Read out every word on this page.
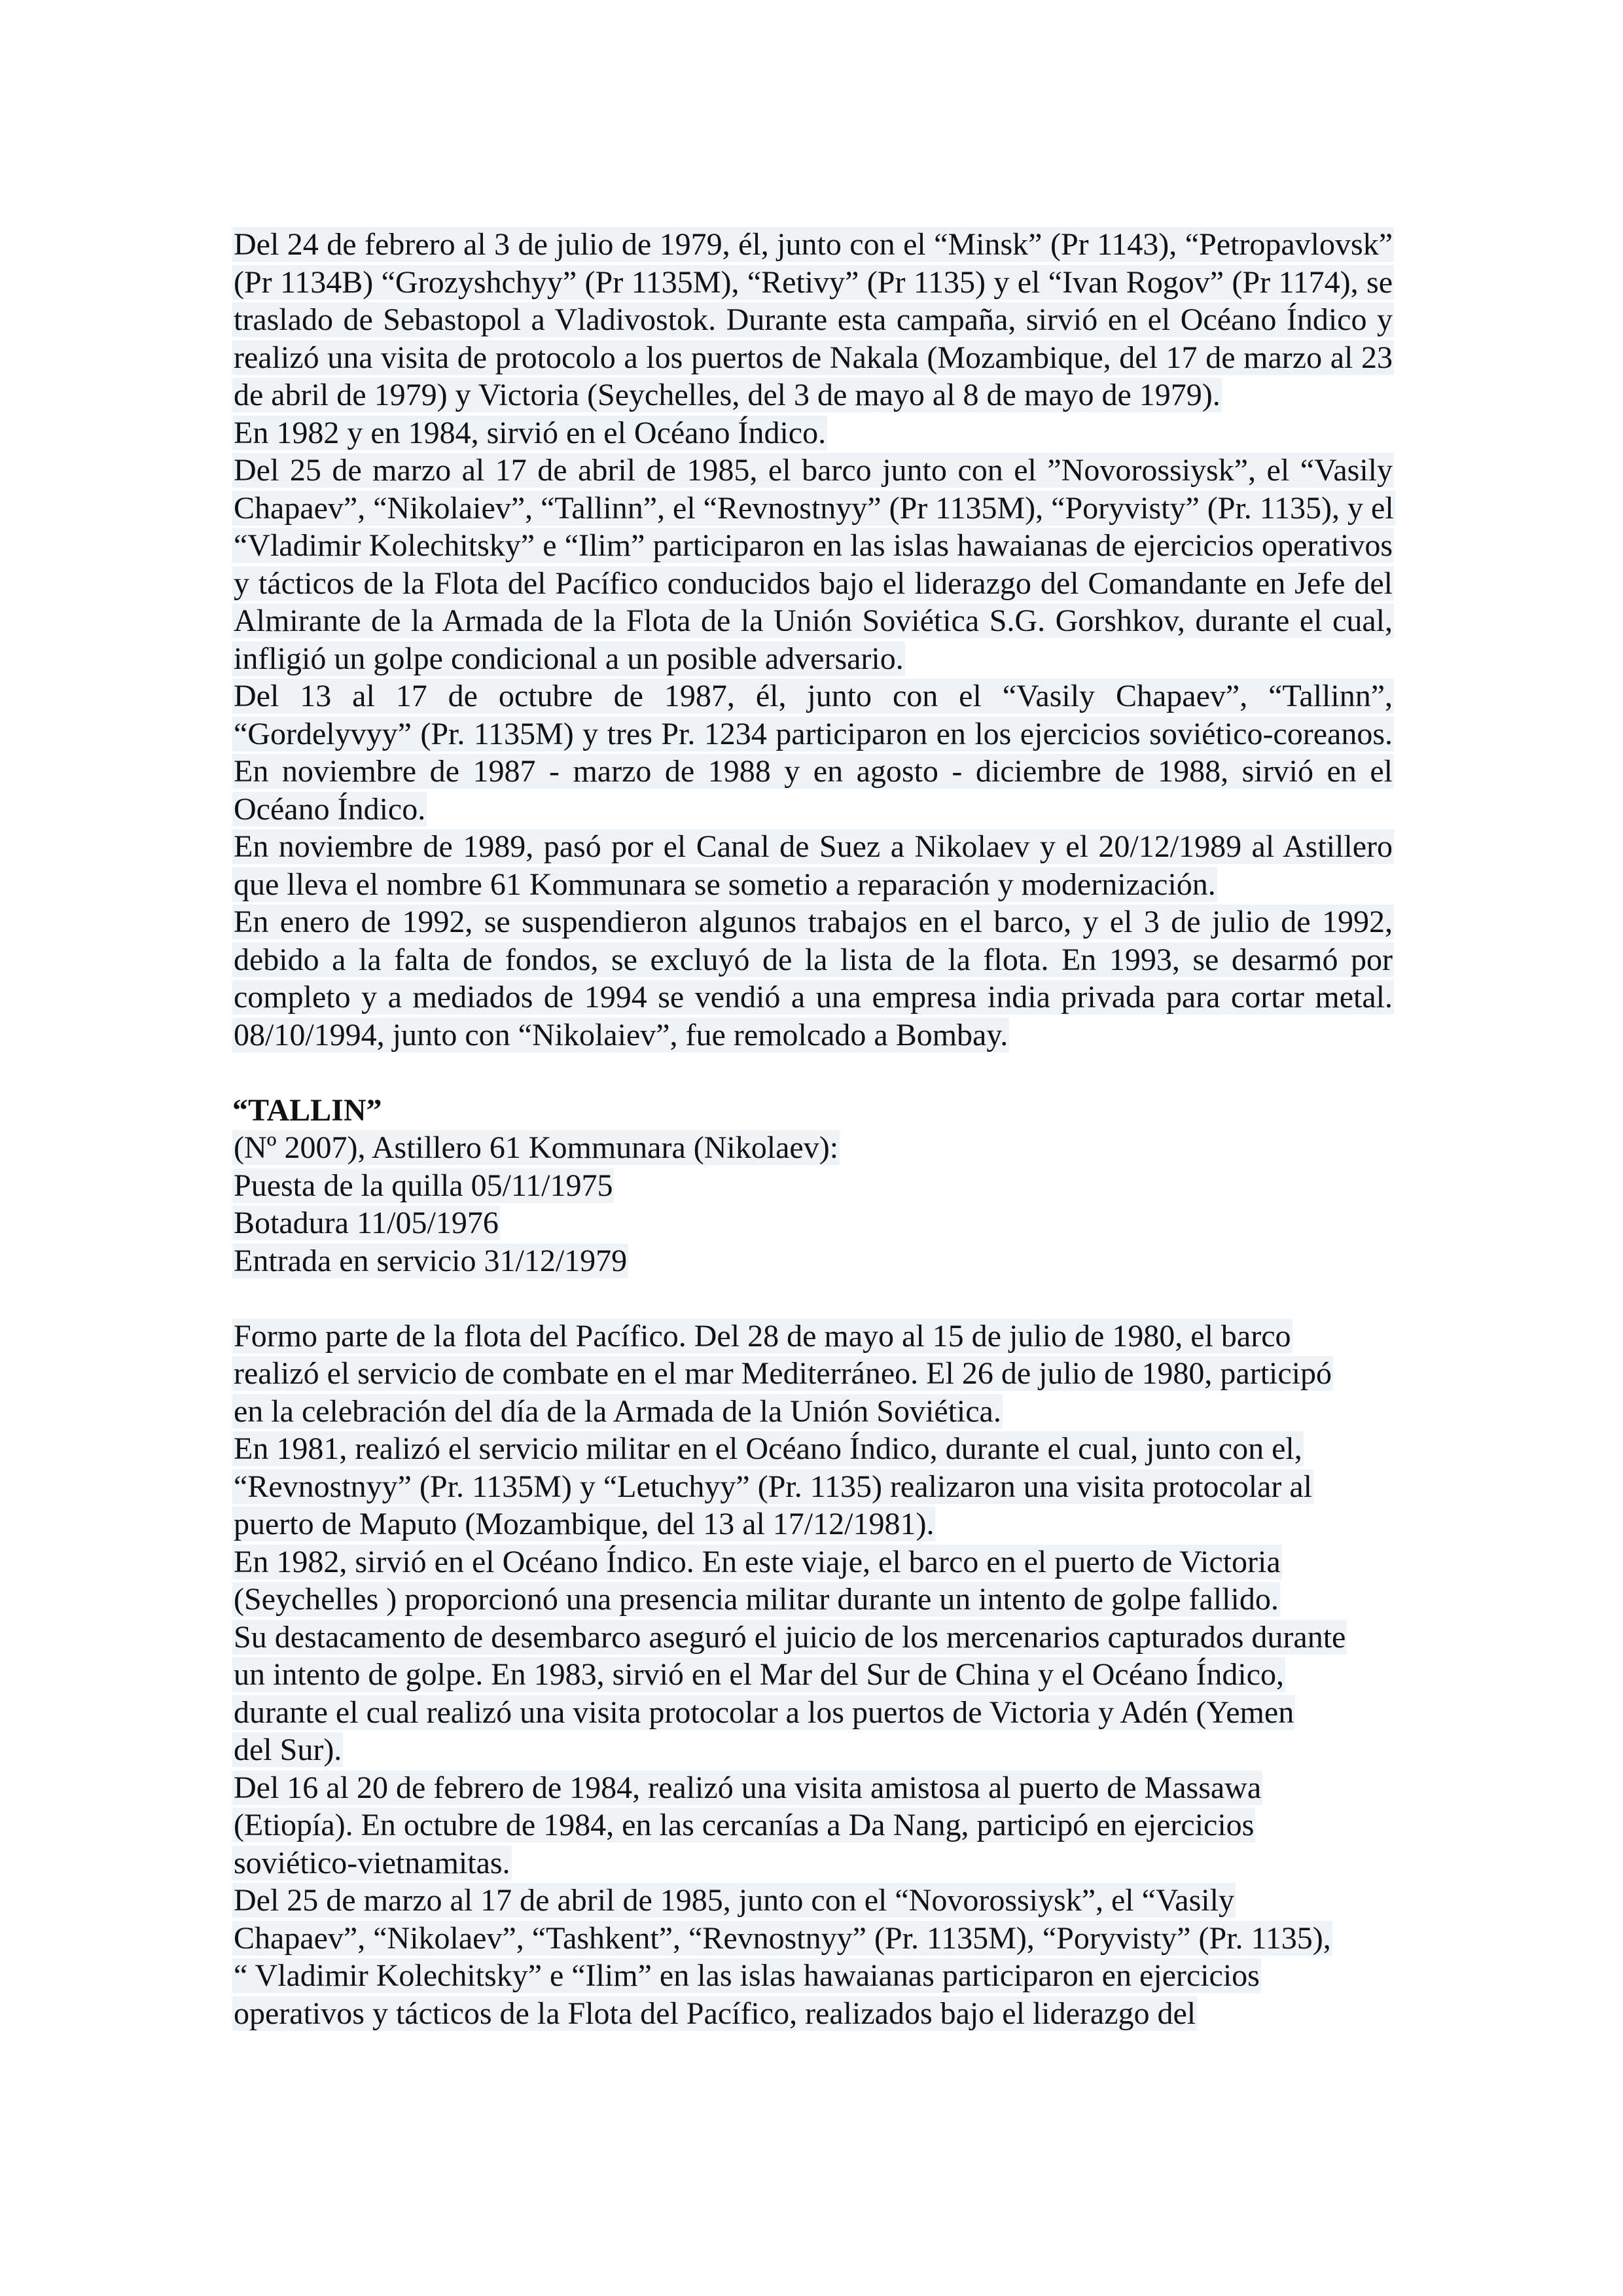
Del 24 de febrero al 3 de julio de 1979, él, junto con el “Minsk” (Pr 1143), “Petropavlovsk” (Pr 1134B) “Grozyshchyy” (Pr 1135M), “Retivy” (Pr 1135) y el “Ivan Rogov” (Pr 1174), se traslado de Sebastopol a Vladivostok. Durante esta campaña, sirvió en el Océano Índico y realizó una visita de protocolo a los puertos de Nakala (Mozambique, del 17 de marzo al 23 de abril de 1979) y Victoria (Seychelles, del 3 de mayo al 8 de mayo de 1979).

En 1982 y en 1984, sirvió en el Océano Índico.

Del 25 de marzo al 17 de abril de 1985, el barco junto con el ”Novorossiysk”, el “Vasily Chapaev”, “Nikolaiev”, “Tallinn”, el “Revnostnyy” (Pr 1135M), “Poryvisty” (Pr. 1135), y el “Vladimir Kolechitsky” e “Ilim” participaron en las islas hawaianas de ejercicios operativos y tácticos de la Flota del Pacífico conducidos bajo el liderazgo del Comandante en Jefe del Almirante de la Armada de la Flota de la Unión Soviética S.G. Gorshkov, durante el cual, infligió un golpe condicional a un posible adversario.

Del 13 al 17 de octubre de 1987, él, junto con el “Vasily Chapaev”, “Tallinn”, “Gordelyvyy” (Pr. 1135M) y tres Pr. 1234 participaron en los ejercicios soviético-coreanos. En noviembre de 1987 - marzo de 1988 y en agosto - diciembre de 1988, sirvió en el Océano Índico.

En noviembre de 1989, pasó por el Canal de Suez a Nikolaev y el 20/12/1989 al Astillero que lleva el nombre 61 Kommunara se sometio a reparación y modernización.

En enero de 1992, se suspendieron algunos trabajos en el barco, y el 3 de julio de 1992, debido a la falta de fondos, se excluyó de la lista de la flota. En 1993, se desarmó por completo y a mediados de 1994 se vendió a una empresa india privada para cortar metal. 08/10/1994, junto con “Nikolaiev”, fue remolcado a Bombay.

“TALLIN”

(Nº 2007), Astillero 61 Kommunara (Nikolaev):

Puesta de la quilla 05/11/1975

Botadura 11/05/1976

Entrada en servicio 31/12/1979

Formo parte de la flota del Pacífico. Del 28 de mayo al 15 de julio de 1980, el barco
realizó el servicio de combate en el mar Mediterráneo. El 26 de julio de 1980, participó
en la celebración del día de la Armada de la Unión Soviética.

En 1981, realizó el servicio militar en el Océano Índico, durante el cual, junto con el,
“Revnostnyy” (Pr. 1135M) y “Letuchyy” (Pr. 1135) realizaron una visita protocolar al
puerto de Maputo (Mozambique, del 13 al 17/12/1981).

En 1982, sirvió en el Océano Índico. En este viaje, el barco en el puerto de Victoria
(Seychelles ) proporcionó una presencia militar durante un intento de golpe fallido.

Su destacamento de desembarco aseguró el juicio de los mercenarios capturados durante
un intento de golpe. En 1983, sirvió en el Mar del Sur de China y el Océano Índico,
durante el cual realizó una visita protocolar a los puertos de Victoria y Adén (Yemen
del Sur).

Del 16 al 20 de febrero de 1984, realizó una visita amistosa al puerto de Massawa
(Etiopía). En octubre de 1984, en las cercanías a Da Nang, participó en ejercicios
soviético-vietnamitas.

Del 25 de marzo al 17 de abril de 1985, junto con el “Novorossiysk”, el “Vasily
Chapaev”, “Nikolaev”, “Tashkent”, “Revnostnyy” (Pr. 1135M), “Poryvisty” (Pr. 1135),
“ Vladimir Kolechitsky” e “Ilim” en las islas hawaianas participaron en ejercicios
operativos y tácticos de la Flota del Pacífico, realizados bajo el liderazgo del
